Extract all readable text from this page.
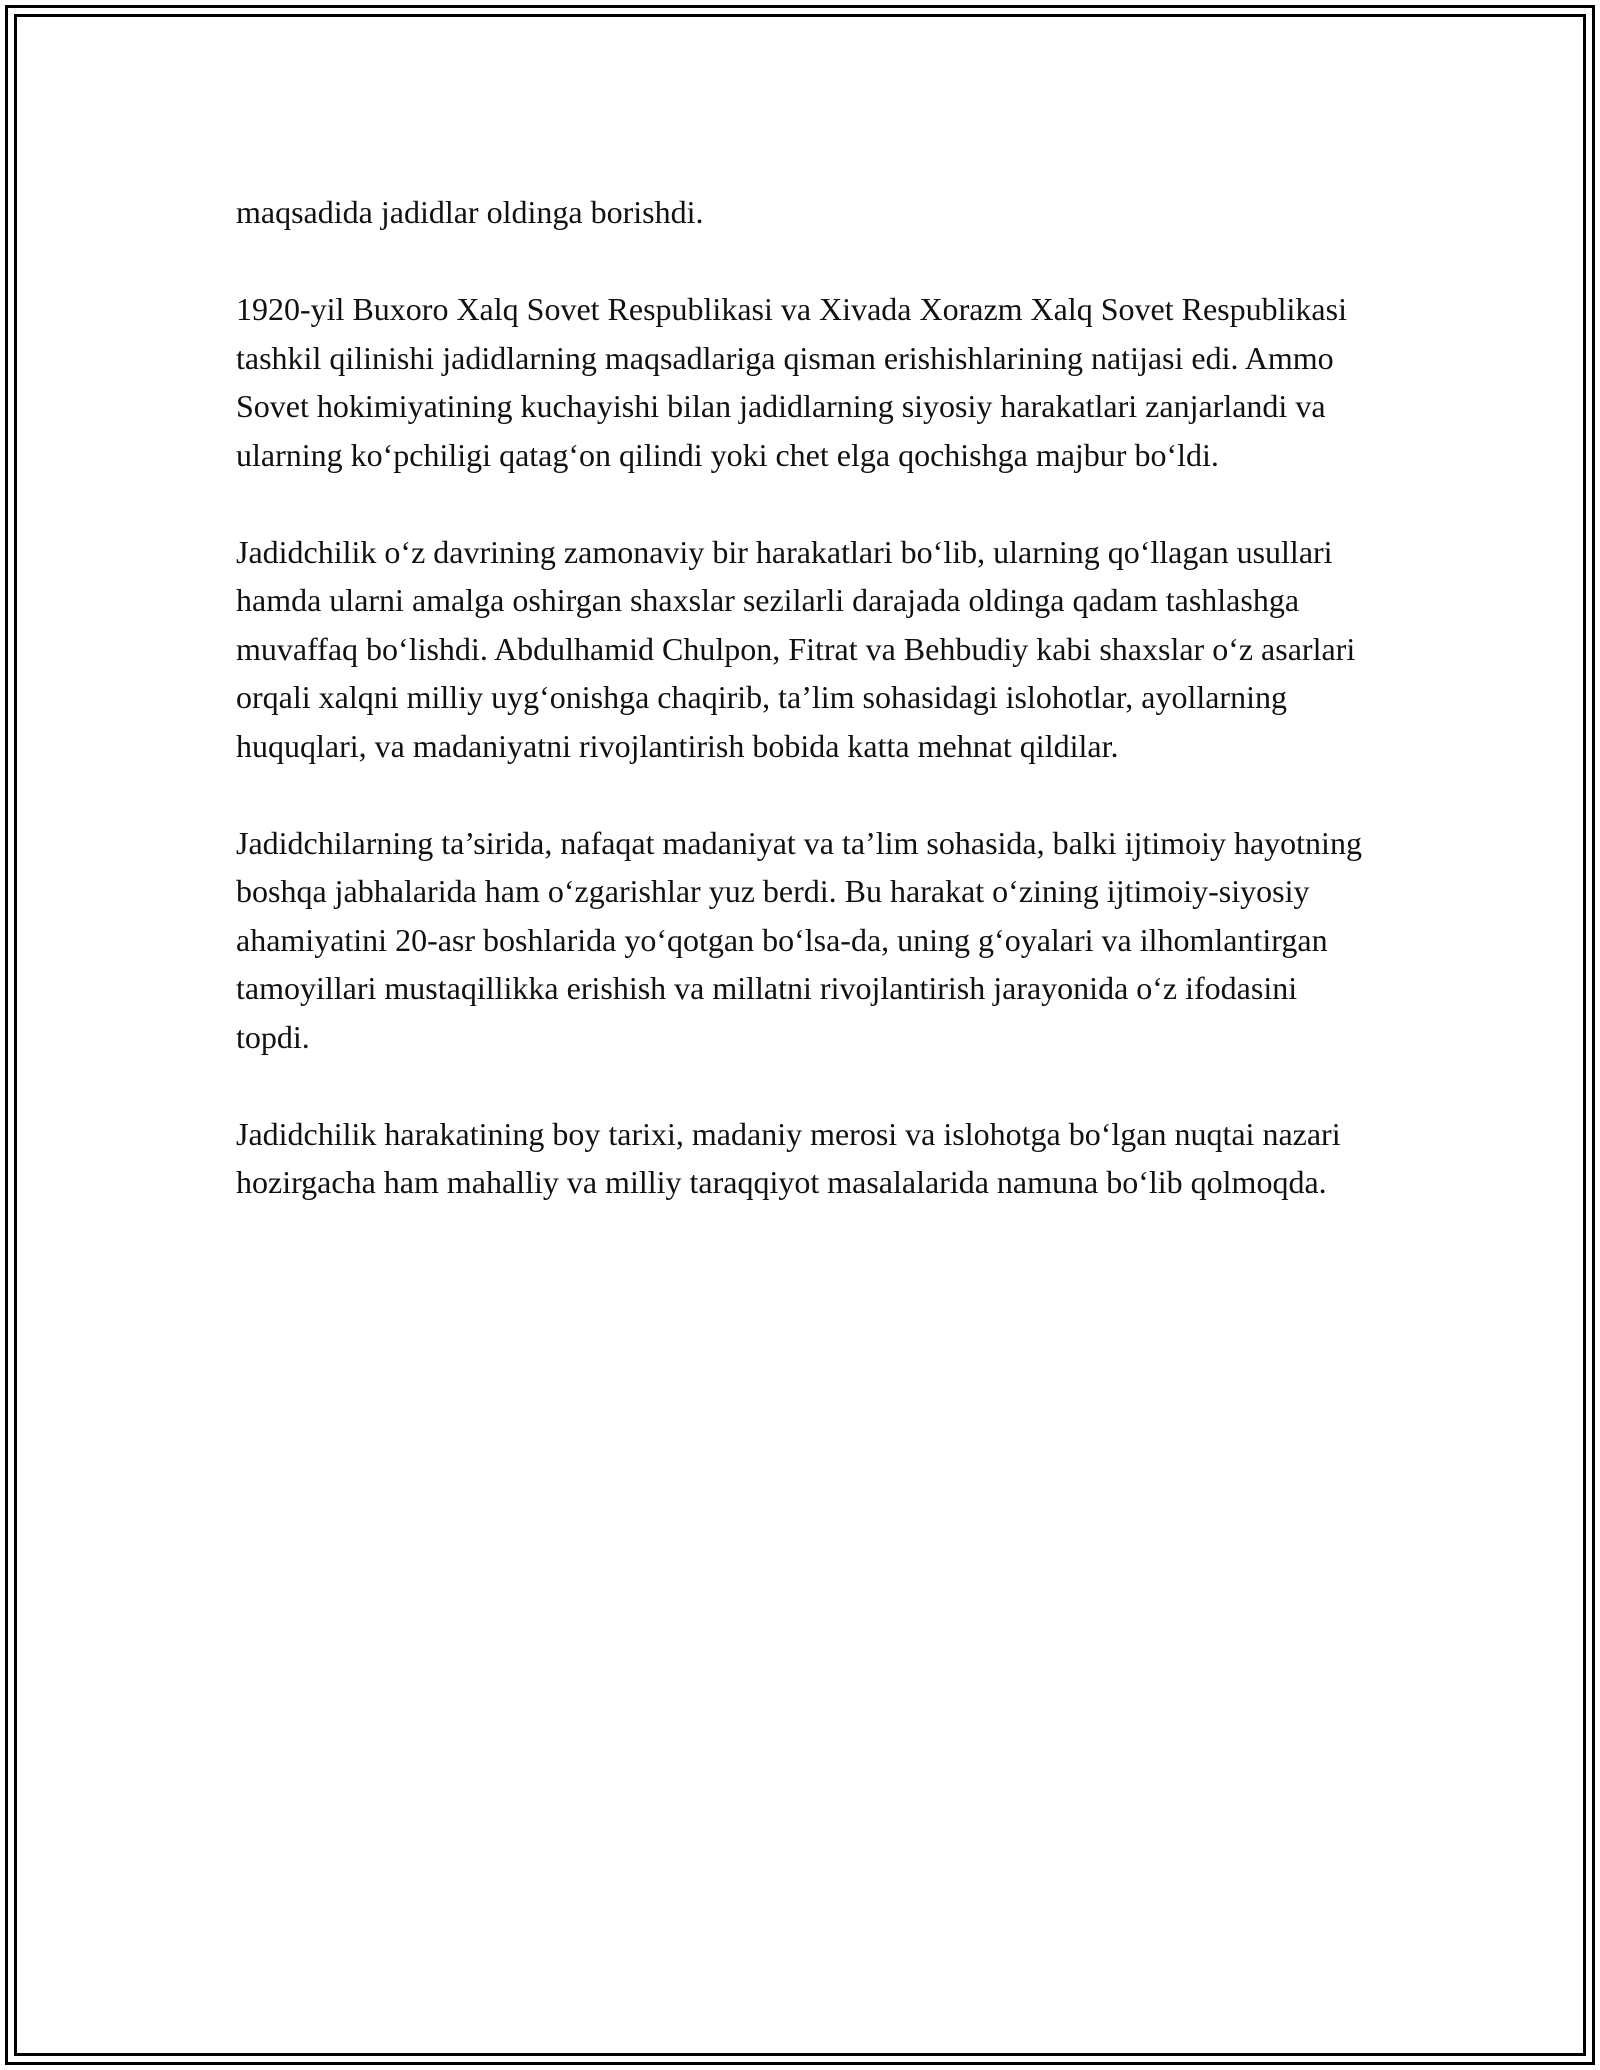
maqsadida jadidlar oldinga borishdi.

1920-yil Buxoro Xalq Sovet Respublikasi va Xivada Xorazm Xalq Sovet Respublikasi tashkil qilinishi jadidlarning maqsadlariga qisman erishishlarining natijasi edi. Ammo Sovet hokimiyatining kuchayishi bilan jadidlarning siyosiy harakatlari zanjarlandi va ularning ko‘pchiligi qatag‘on qilindi yoki chet elga qochishga majbur bo‘ldi.

Jadidchilik o‘z davrining zamonaviy bir harakatlari bo‘lib, ularning qo‘llagan usullari hamda ularni amalga oshirgan shaxslar sezilarli darajada oldinga qadam tashlashga muvaffaq bo‘lishdi. Abdulhamid Chulpon, Fitrat va Behbudiy kabi shaxslar o‘z asarlari orqali xalqni milliy uyg‘onishga chaqirib, ta’lim sohasidagi islohotlar, ayollarning huquqlari, va madaniyatni rivojlantirish bobida katta mehnat qildilar.

Jadidchilarning ta’sirida, nafaqat madaniyat va ta’lim sohasida, balki ijtimoiy hayotning boshqa jabhalarida ham o‘zgarishlar yuz berdi. Bu harakat o‘zining ijtimoiy-siyosiy ahamiyatini 20-asr boshlarida yo‘qotgan bo‘lsa-da, uning g‘oyalari va ilhomlantirgan tamoyillari mustaqillikka erishish va millatni rivojlantirish jarayonida o‘z ifodasini topdi.

Jadidchilik harakatining boy tarixi, madaniy merosi va islohotga bo‘lgan nuqtai nazari hozirgacha ham mahalliy va milliy taraqqiyot masalalarida namuna bo‘lib qolmoqda.
